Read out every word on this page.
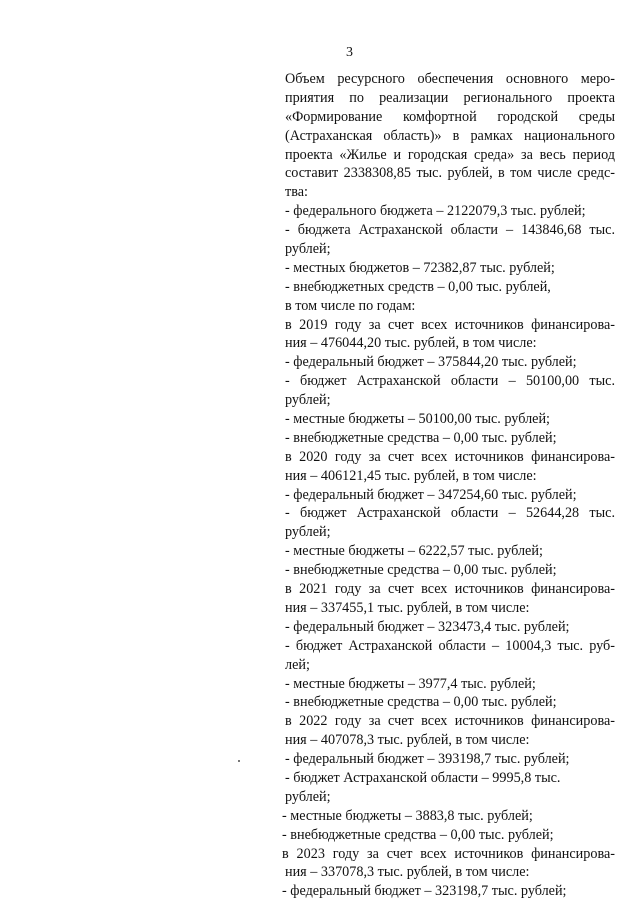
3
Объем ресурсного обеспечения основного меро-
приятия по реализации регионального проекта
«Формирование комфортной городской среды
(Астраханская область)» в рамках национального
проекта «Жилье и городская среда» за весь период
составит 2338308,85 тыс. рублей, в том числе средс-
тва:
- федерального бюджета – 2122079,3 тыс. рублей;
- бюджета Астраханской области – 143846,68 тыс.
рублей;
- местных бюджетов – 72382,87 тыс. рублей;
- внебюджетных средств – 0,00 тыс. рублей,
в том числе по годам:
в 2019 году за счет всех источников финансирова-
ния – 476044,20 тыс. рублей, в том числе:
- федеральный бюджет – 375844,20 тыс. рублей;
- бюджет Астраханской области – 50100,00 тыс.
рублей;
- местные бюджеты – 50100,00 тыс. рублей;
- внебюджетные средства – 0,00 тыс. рублей;
в 2020 году за счет всех источников финансирова-
ния – 406121,45 тыс. рублей, в том числе:
- федеральный бюджет – 347254,60 тыс. рублей;
- бюджет Астраханской области – 52644,28 тыс.
рублей;
- местные бюджеты – 6222,57 тыс. рублей;
- внебюджетные средства – 0,00 тыс. рублей;
в 2021 году за счет всех источников финансирова-
ния – 337455,1 тыс. рублей, в том числе:
- федеральный бюджет – 323473,4 тыс. рублей;
- бюджет Астраханской области – 10004,3 тыс. руб-
лей;
- местные бюджеты – 3977,4 тыс. рублей;
- внебюджетные средства – 0,00 тыс. рублей;
в 2022 году за счет всех источников финансирова-
ния – 407078,3 тыс. рублей, в том числе:
- федеральный бюджет – 393198,7 тыс. рублей;
- бюджет Астраханской области – 9995,8 тыс.
рублей;
- местные бюджеты – 3883,8 тыс. рублей;
- внебюджетные средства – 0,00 тыс. рублей;
в 2023 году за счет всех источников финансирова-
ния – 337078,3 тыс. рублей, в том числе:
- федеральный бюджет – 323198,7 тыс. рублей;
